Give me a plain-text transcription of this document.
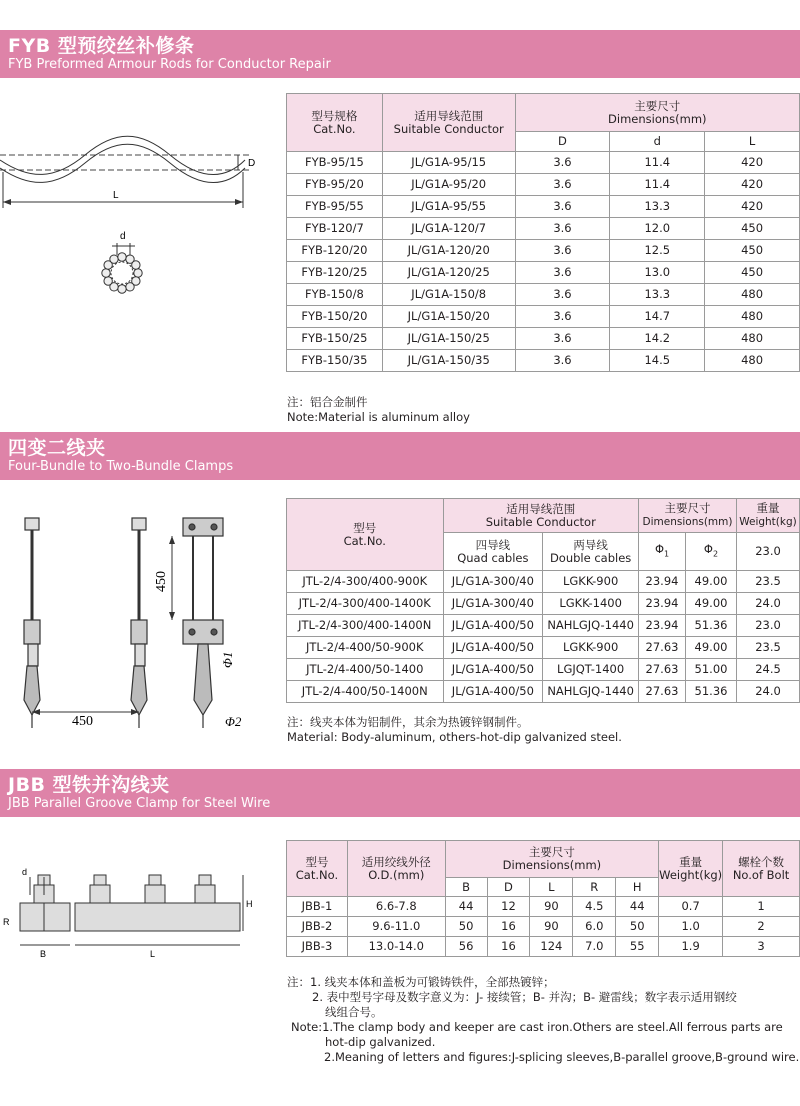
FYB 型预绞丝补修条
FYB Preformed Armour Rods for Conductor Repair
D
L
d
型号规格
Cat.No.	适用导线范围
Suitable Conductor	主要尺寸
Dimensions(mm)		
		D	d	L
FYB-95/15	JL/G1A-95/15	3.6	11.4	420
FYB-95/20	JL/G1A-95/20	3.6	11.4	420
FYB-95/55	JL/G1A-95/55	3.6	13.3	420
FYB-120/7	JL/G1A-120/7	3.6	12.0	450
FYB-120/20	JL/G1A-120/20	3.6	12.5	450
FYB-120/25	JL/G1A-120/25	3.6	13.0	450
FYB-150/8	JL/G1A-150/8	3.6	13.3	480
FYB-150/20	JL/G1A-150/20	3.6	14.7	480
FYB-150/25	JL/G1A-150/25	3.6	14.2	480
FYB-150/35	JL/G1A-150/35	3.6	14.5	480
注：铝合金制件
Note:Material is aluminum alloy
四变二线夹
Four-Bundle to Two-Bundle Clamps
450
450
Φ1
Φ2
型号
Cat.No.	适用导线范围
Suitable Conductor		主要尺寸
Dimensions(mm)		重量
Weight(kg)
	四导线
Quad cables	两导线
Double cables	$\Phi_1$	$\Phi_2$	23.0
JTL-2/4-300/400-900K	JL/G1A-300/40	LGKK-900	23.94	49.00	23.5
JTL-2/4-300/400-1400K	JL/G1A-300/40	LGKK-1400	23.94	49.00	24.0
JTL-2/4-300/400-1400N	JL/G1A-400/50	NAHLGJQ-1440	23.94	51.36	23.0
JTL-2/4-400/50-900K	JL/G1A-400/50	LGKK-900	27.63	49.00	23.5
JTL-2/4-400/50-1400	JL/G1A-400/50	LGJQT-1400	27.63	51.00	24.5
JTL-2/4-400/50-1400N	JL/G1A-400/50	NAHLGJQ-1440	27.63	51.36	24.0
注：线夹本体为铝制件，其余为热镀锌钢制件。
Material: Body-aluminum, others-hot-dip galvanized steel.
JBB 型铁并沟线夹
JBB Parallel Groove Clamp for Steel Wire
d
R
B	L
H
型号
Cat.No.	适用绞线外径
O.D.(mm)	主要尺寸
Dimensions(mm)					重量
Weight(kg)	螺栓个数
No.of Bolt
		B	D	L	R	H		
JBB-1	6.6-7.8	44	12	90	4.5	44	0.7	1
JBB-2	9.6-11.0	50	16	90	6.0	50	1.0	2
JBB-3	13.0-14.0	56	16	124	7.0	55	1.9	3
注：1. 线夹本体和盖板为可锻铸铁件，全部热镀锌；
2. 表中型号字母及数字意义为：J- 接续管；B- 并沟；B- 避雷线；数字表示适用钢绞
线组合号。
Note:1.The clamp body and keeper are cast iron.Others are steel.All ferrous parts are
hot-dip galvanized.
2.Meaning of letters and figures:J-splicing sleeves,B-parallel groove,B-ground wire.
